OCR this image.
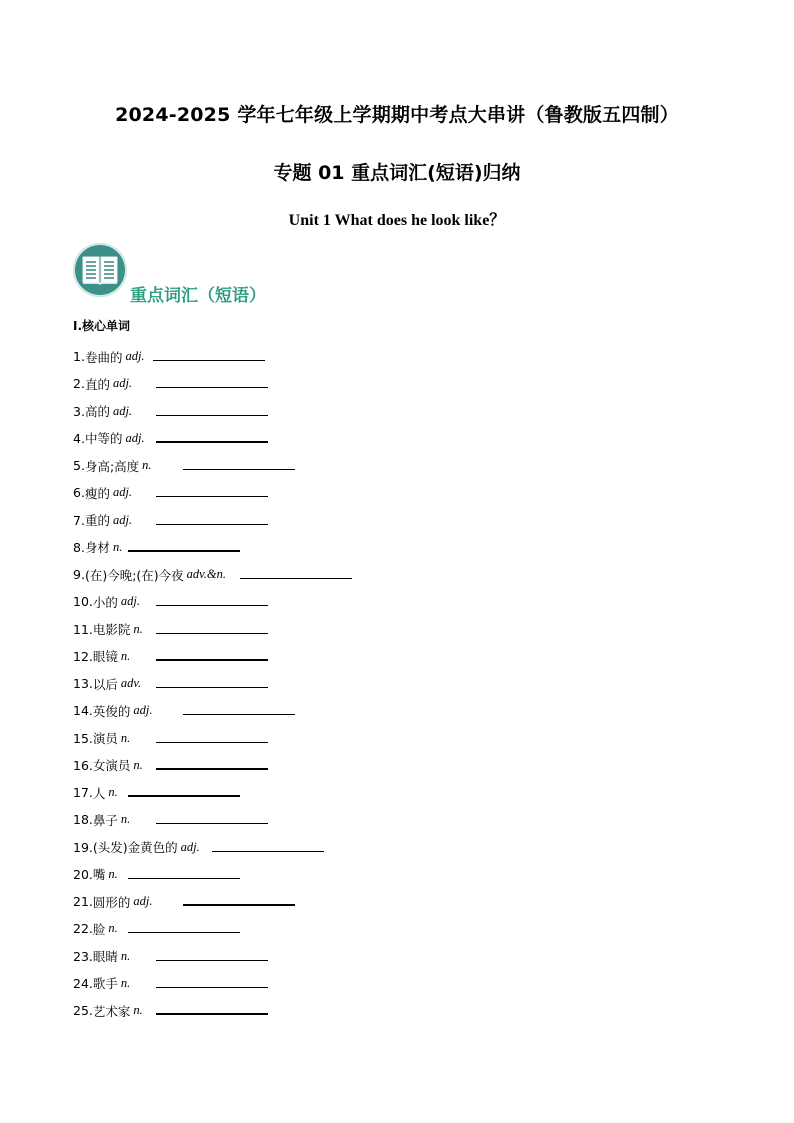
2024-2025 学年七年级上学期期中考点大串讲（鲁教版五四制）
专题 01 重点词汇(短语)归纳
Unit 1 What does he look like？
重点词汇（短语）
I.核心单词
1. 卷曲的 adj.
2. 直的 adj.
3. 高的 adj.
4. 中等的 adj.
5. 身高;高度 n.
6. 瘦的 adj.
7. 重的 adj.
8. 身材 n.
9. (在)今晚;(在)今夜 adv.&n.
10. 小的 adj.
11. 电影院 n.
12. 眼镜 n.
13. 以后 adv.
14. 英俊的 adj.
15. 演员 n.
16. 女演员 n.
17. 人 n.
18. 鼻子 n.
19. (头发)金黄色的 adj.
20. 嘴 n.
21. 圆形的 adj.
22. 脸 n.
23. 眼睛 n.
24. 歌手 n.
25. 艺术家 n.
